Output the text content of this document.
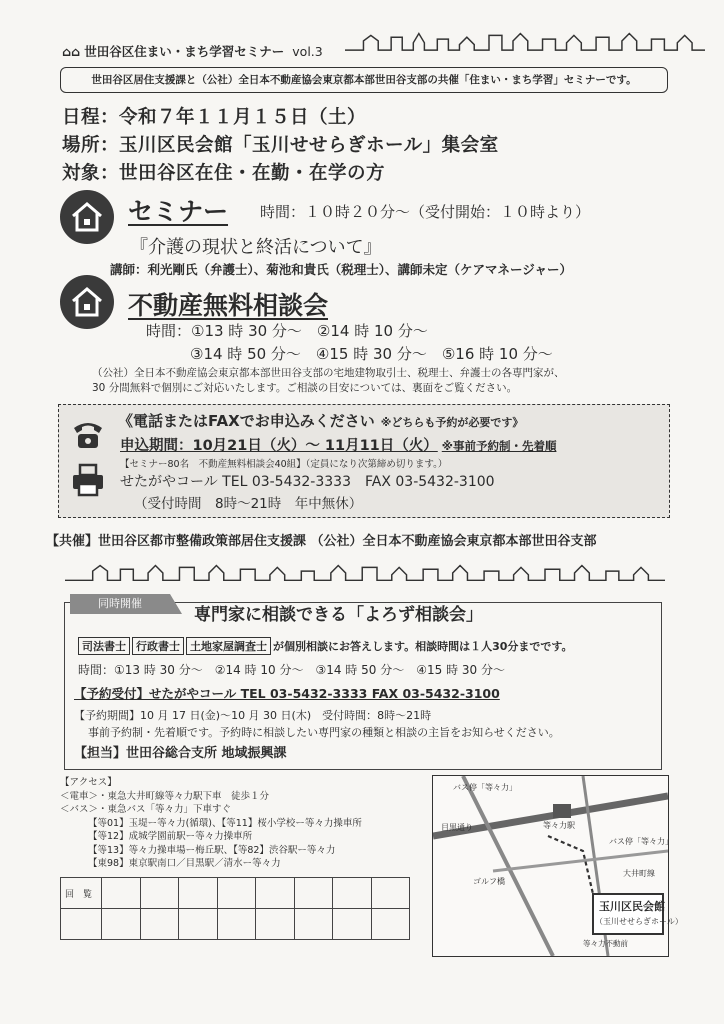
⌂⌂ 世田谷区住まい・まち学習セミナー vol.3
世田谷区居住支援課と（公社）全日本不動産協会東京都本部世田谷支部の共催「住まい・まち学習」セミナーです。
日程：令和７年１１月１５日（土）
場所：玉川区民会館「玉川せせらぎホール」集会室
対象：世田谷区在住・在勤・在学の方
セミナー 時間：１０時２０分～（受付開始：１０時より）
『介護の現状と終活について』
講師：利光剛氏（弁護士）、菊池和貴氏（税理士）、講師未定（ケアマネージャー）
不動産無料相談会
時間：①13 時 30 分～　②14 時 10 分～
③14 時 50 分～　④15 時 30 分～　⑤16 時 10 分～
（公社）全日本不動産協会東京都本部世田谷支部の宅地建物取引士、税理士、弁護士の各専門家が、
30 分間無料で個別にご対応いたします。ご相談の目安については、裏面をご覧ください。
《電話またはFAXでお申込みください ※どちらも予約が必要です》
申込期間：10月21日（火）～ 11月11日（火） ※事前予約制・先着順
【セミナー80名　不動産無料相談会40組】（定員になり次第締め切ります。）
せたがやコール TEL 03-5432-3333　FAX 03-5432-3100
（受付時間　8時～21時　年中無休）
【共催】世田谷区都市整備政策部居住支援課 （公社）全日本不動産協会東京都本部世田谷支部
同時開催
専門家に相談できる「よろず相談会」
司法書士 行政書士 土地家屋調査士 が個別相談にお答えします。相談時間は１人30分までです。
時間：①13 時 30 分～　②14 時 10 分～　③14 時 50 分～　④15 時 30 分～
【予約受付】せたがやコール TEL 03-5432-3333 FAX 03-5432-3100
【予約期間】10 月 17 日(金)～10 月 30 日(木)　受付時間：8時～21時
事前予約制・先着順です。予約時に相談したい専門家の種類と相談の主旨をお知らせください。
【担当】世田谷総合支所 地域振興課
【アクセス】
＜電車＞・東急大井町線等々力駅下車　徒歩１分
＜バス＞・東急バス「等々力」下車すぐ
【等01】玉堤ー等々力(循環)、【等11】桜小学校ー等々力操車所
【等12】成城学園前駅ー等々力操車所
【等13】等々力操車場ー梅丘駅、【等82】渋谷駅ー等々力
【東98】東京駅南口／目黒駅／清水ー等々力
回　覧								

バス停「等々力」
等々力駅
目黒通り
大井町線
ゴルフ橋
バス停「等々力」
等々力不動前
玉川区民会館
（玉川せせらぎホール）
